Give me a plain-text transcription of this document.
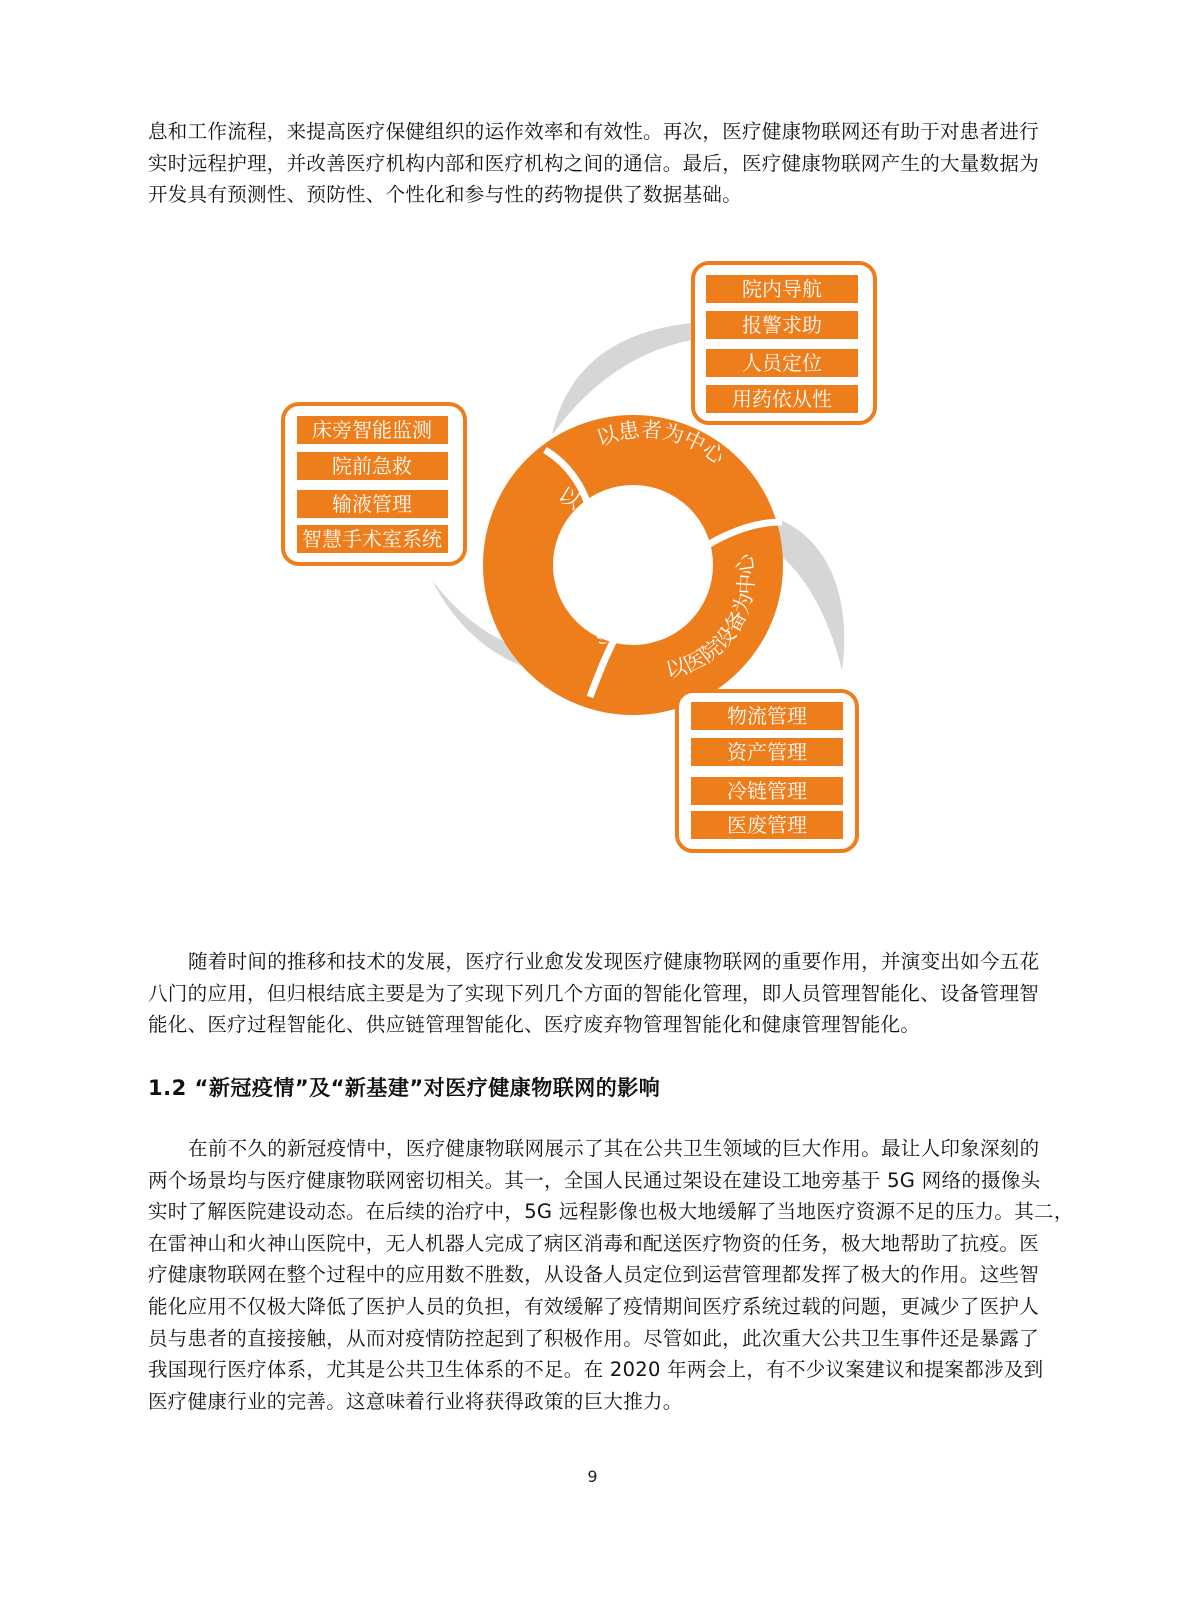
息和工作流程，来提高医疗保健组织的运作效率和有效性。再次，医疗健康物联网还有助于对患者进行
实时远程护理，并改善医疗机构内部和医疗机构之间的通信。最后，医疗健康物联网产生的大量数据为
开发具有预测性、预防性、个性化和参与性的药物提供了数据基础。
以患者为中心
以临床管理为中心
以医院设备为中心
院内导航
报警求助
人员定位
用药依从性
床旁智能监测
院前急救
输液管理
智慧手术室系统
物流管理
资产管理
冷链管理
医废管理
随着时间的推移和技术的发展，医疗行业愈发发现医疗健康物联网的重要作用，并演变出如今五花
八门的应用，但归根结底主要是为了实现下列几个方面的智能化管理，即人员管理智能化、设备管理智
能化、医疗过程智能化、供应链管理智能化、医疗废弃物管理智能化和健康管理智能化。
1.2 “新冠疫情”及“新基建”对医疗健康物联网的影响
在前不久的新冠疫情中，医疗健康物联网展示了其在公共卫生领域的巨大作用。最让人印象深刻的
两个场景均与医疗健康物联网密切相关。其一，全国人民通过架设在建设工地旁基于 5G 网络的摄像头
实时了解医院建设动态。在后续的治疗中，5G 远程影像也极大地缓解了当地医疗资源不足的压力。其二，
在雷神山和火神山医院中，无人机器人完成了病区消毒和配送医疗物资的任务，极大地帮助了抗疫。医
疗健康物联网在整个过程中的应用数不胜数，从设备人员定位到运营管理都发挥了极大的作用。这些智
能化应用不仅极大降低了医护人员的负担，有效缓解了疫情期间医疗系统过载的问题，更减少了医护人
员与患者的直接接触，从而对疫情防控起到了积极作用。尽管如此，此次重大公共卫生事件还是暴露了
我国现行医疗体系，尤其是公共卫生体系的不足。在 2020 年两会上，有不少议案建议和提案都涉及到
医疗健康行业的完善。这意味着行业将获得政策的巨大推力。
9
